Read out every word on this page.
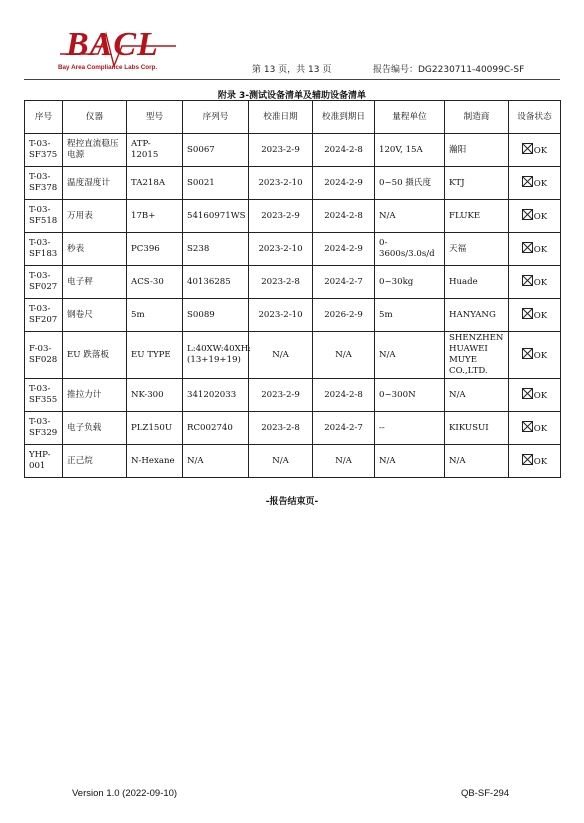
BACL
Bay Area Compliance Labs Corp.	第 13 页，共 13 页	报告编号：DG2230711-40099C-SF
附录 3-测试设备清单及辅助设备清单
序号	仪器	型号	序列号	校准日期	校准到期日	量程单位	制造商	设备状态
T-03-SF375	程控直流稳压电源	ATP-12015	S0067	2023-2-9	2024-2-8	120V, 15A	瀚阳	OK
T-03-SF378	温度湿度计	TA218A	S0021	2023-2-10	2024-2-9	0~50 摄氏度	KTJ	OK
T-03-SF518	万用表	17B+	54160971WS	2023-2-9	2024-2-8	N/A	FLUKE	OK
T-03-SF183	秒表	PC396	S238	2023-2-10	2024-2-9	0-3600s/3.0s/d	天福	OK
T-03-SF027	电子秤	ACS-30	40136285	2023-2-8	2024-2-7	0~30kg	Huade	OK
T-03-SF207	钢卷尺	5m	S0089	2023-2-10	2026-2-9	5m	HANYANG	OK
F-03-SF028	EU 跌落板	EU TYPE	L:40XW:40XH:(13+19+19)	N/A	N/A	N/A	SHENZHEN HUAWEI MUYE CO.,LTD.	OK
T-03-SF355	推拉力计	NK-300	341202033	2023-2-9	2024-2-8	0~300N	N/A	OK
T-03-SF329	电子负载	PLZ150U	RC002740	2023-2-8	2024-2-7	--	KIKUSUI	OK
YHP-001	正己烷	N-Hexane	N/A	N/A	N/A	N/A	N/A	OK
-报告结束页-
Version 1.0 (2022-09-10)	QB-SF-294
